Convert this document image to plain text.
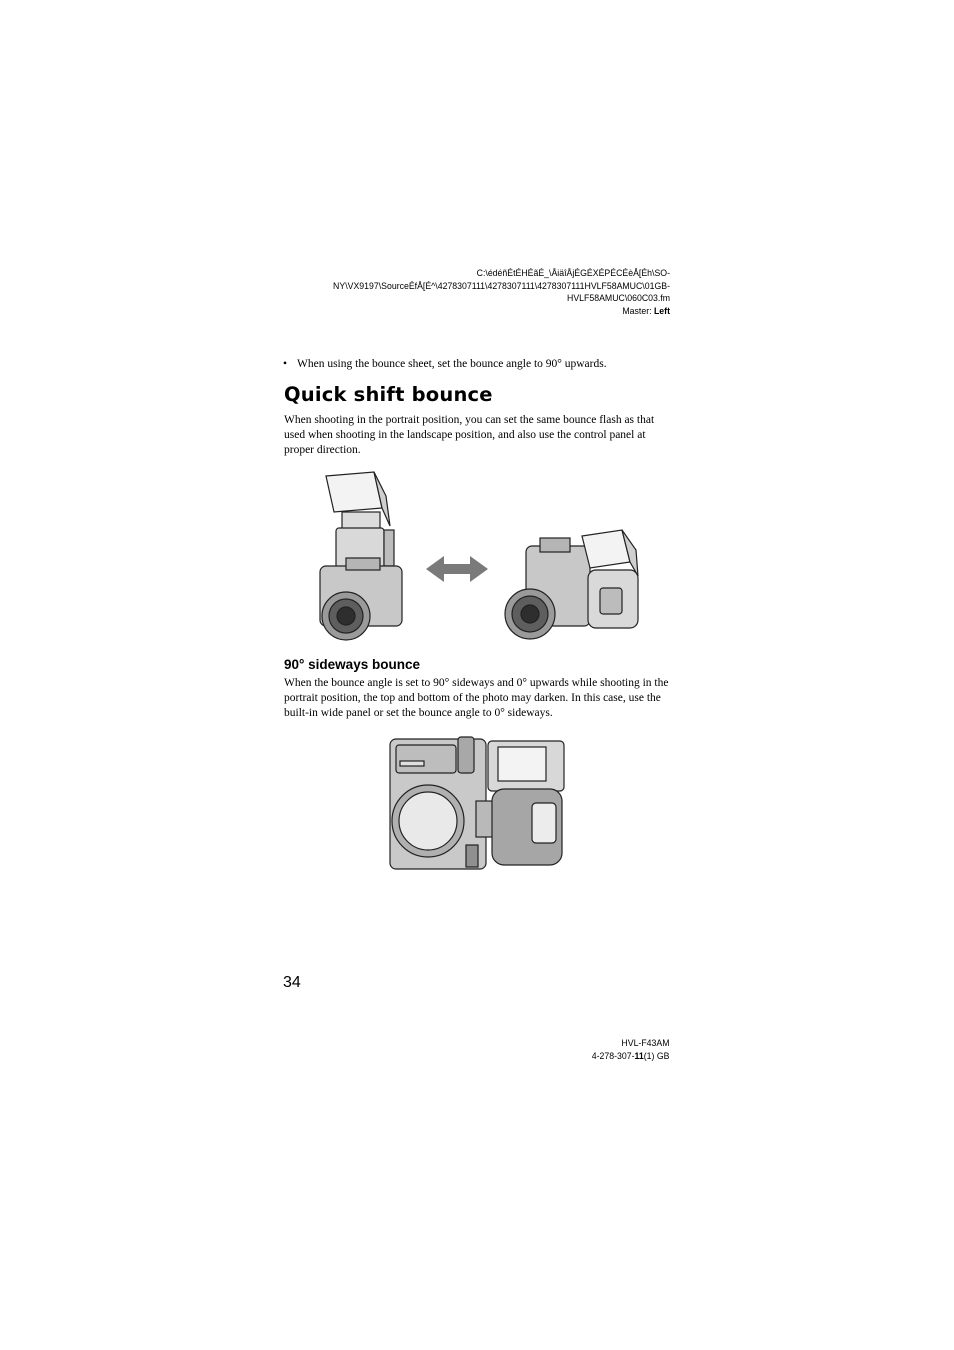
C:\édéñÉtÉHÉãÉ_\ÅiäîÅjÉGÉXÉPÉCÉèÅ[Éh\SO-
NY\VX9197\SourceÉfÅ[É^\4278307111\4278307111\4278307111HVLF58AMUC\01GB-
HVLF58AMUC\060C03.fm
Master: Left
• When using the bounce sheet, set the bounce angle to 90° upwards.
Quick shift bounce
When shooting in the portrait position, you can set the same bounce flash as that
used when shooting in the landscape position, and also use the control panel at
proper direction.
90° sideways bounce
When the bounce angle is set to 90° sideways and 0° upwards while shooting in the
portrait position, the top and bottom of the photo may darken. In this case, use the
built-in wide panel or set the bounce angle to 0° sideways.
34
HVL-F43AM
4-278-307-11(1) GB
